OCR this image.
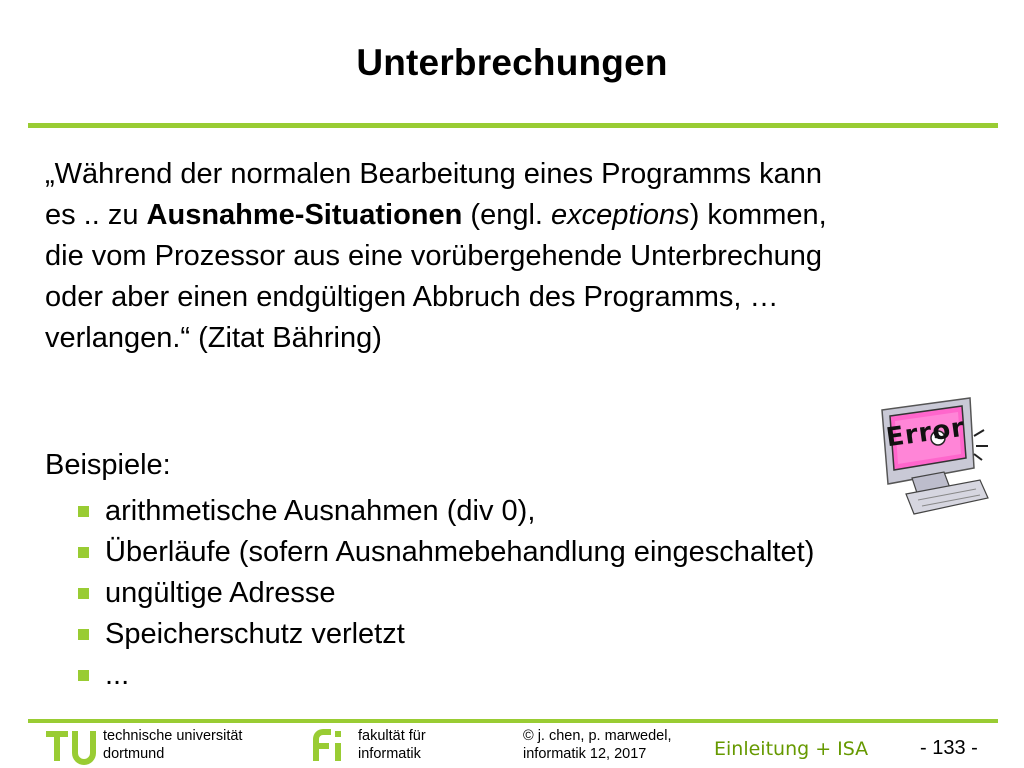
Unterbrechungen
„Während der normalen Bearbeitung eines Programms kann
es .. zu Ausnahme-Situationen (engl. exceptions) kommen,
die vom Prozessor aus eine vorübergehende Unterbrechung
oder aber einen endgültigen Abbruch des Programms, …
verlangen.“ (Zitat Bähring)
Beispiele:
arithmetische Ausnahmen (div 0),
Überläufe (sofern Ausnahmebehandlung eingeschaltet)
ungültige Adresse
Speicherschutz verletzt
...
Error
technische universität
dortmund
fakultät für
informatik
© j. chen, p. marwedel,
informatik 12, 2017	Einleitung + ISA	- 133 -
